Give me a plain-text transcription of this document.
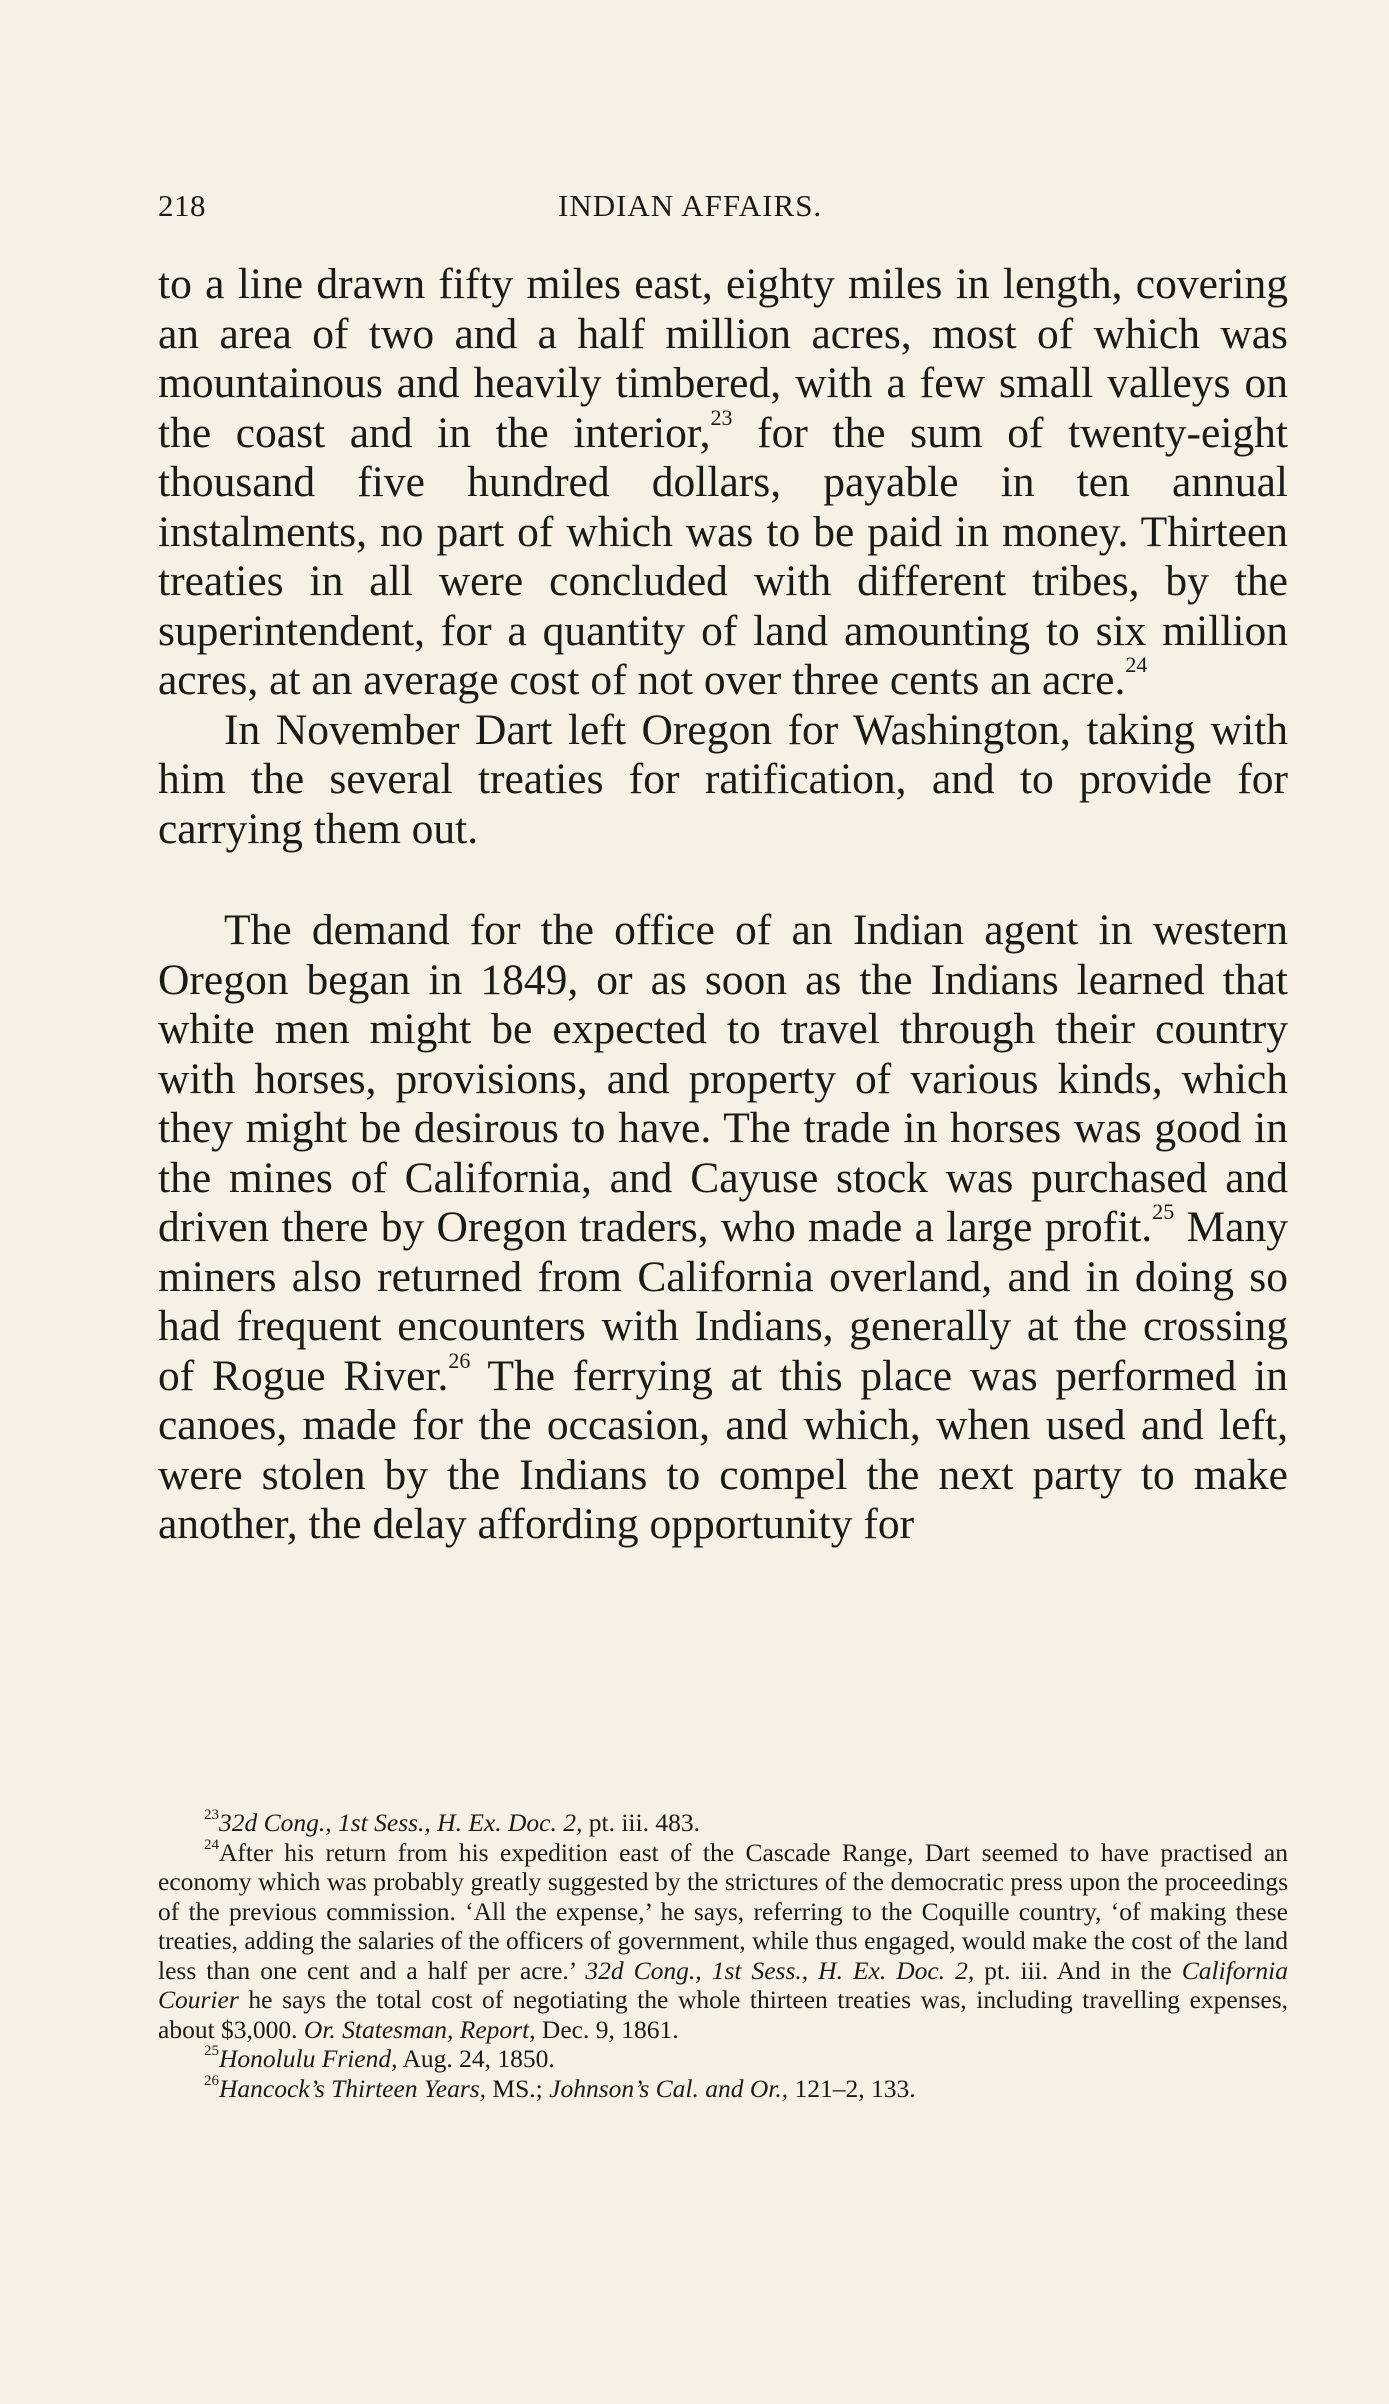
218	INDIAN AFFAIRS.

to a line drawn fifty miles east, eighty miles in length, covering an area of two and a half million acres, most of which was mountainous and heavily timbered, with a few small valleys on the coast and in the interior,$^{23}$ for the sum of twenty-eight thousand five hundred dollars, payable in ten annual instalments, no part of which was to be paid in money. Thirteen treaties in all were concluded with different tribes, by the superintendent, for a quantity of land amounting to six million acres, at an average cost of not over three cents an acre.$^{24}$

In November Dart left Oregon for Washington, taking with him the several treaties for ratification, and to provide for carrying them out.

The demand for the office of an Indian agent in western Oregon began in 1849, or as soon as the Indians learned that white men might be expected to travel through their country with horses, provisions, and property of various kinds, which they might be desirous to have. The trade in horses was good in the mines of California, and Cayuse stock was purchased and driven there by Oregon traders, who made a large profit.$^{25}$ Many miners also returned from California overland, and in doing so had frequent encounters with Indians, generally at the crossing of Rogue River.$^{26}$ The ferrying at this place was performed in canoes, made for the occasion, and which, when used and left, were stolen by the Indians to compel the next party to make another, the delay affording opportunity for

$^{23}$32d Cong., 1st Sess., H. Ex. Doc. 2, pt. iii. 483.

$^{24}$After his return from his expedition east of the Cascade Range, Dart seemed to have practised an economy which was probably greatly suggested by the strictures of the democratic press upon the proceedings of the previous commission. ‘All the expense,’ he says, referring to the Coquille country, ‘of making these treaties, adding the salaries of the officers of government, while thus engaged, would make the cost of the land less than one cent and a half per acre.’ 32d Cong., 1st Sess., H. Ex. Doc. 2, pt. iii. And in the California Courier he says the total cost of negotiating the whole thirteen treaties was, including travelling expenses, about $3,000. Or. Statesman, Report, Dec. 9, 1861.

$^{25}$Honolulu Friend, Aug. 24, 1850.

$^{26}$Hancock’s Thirteen Years, MS.; Johnson’s Cal. and Or., 121–2, 133.
